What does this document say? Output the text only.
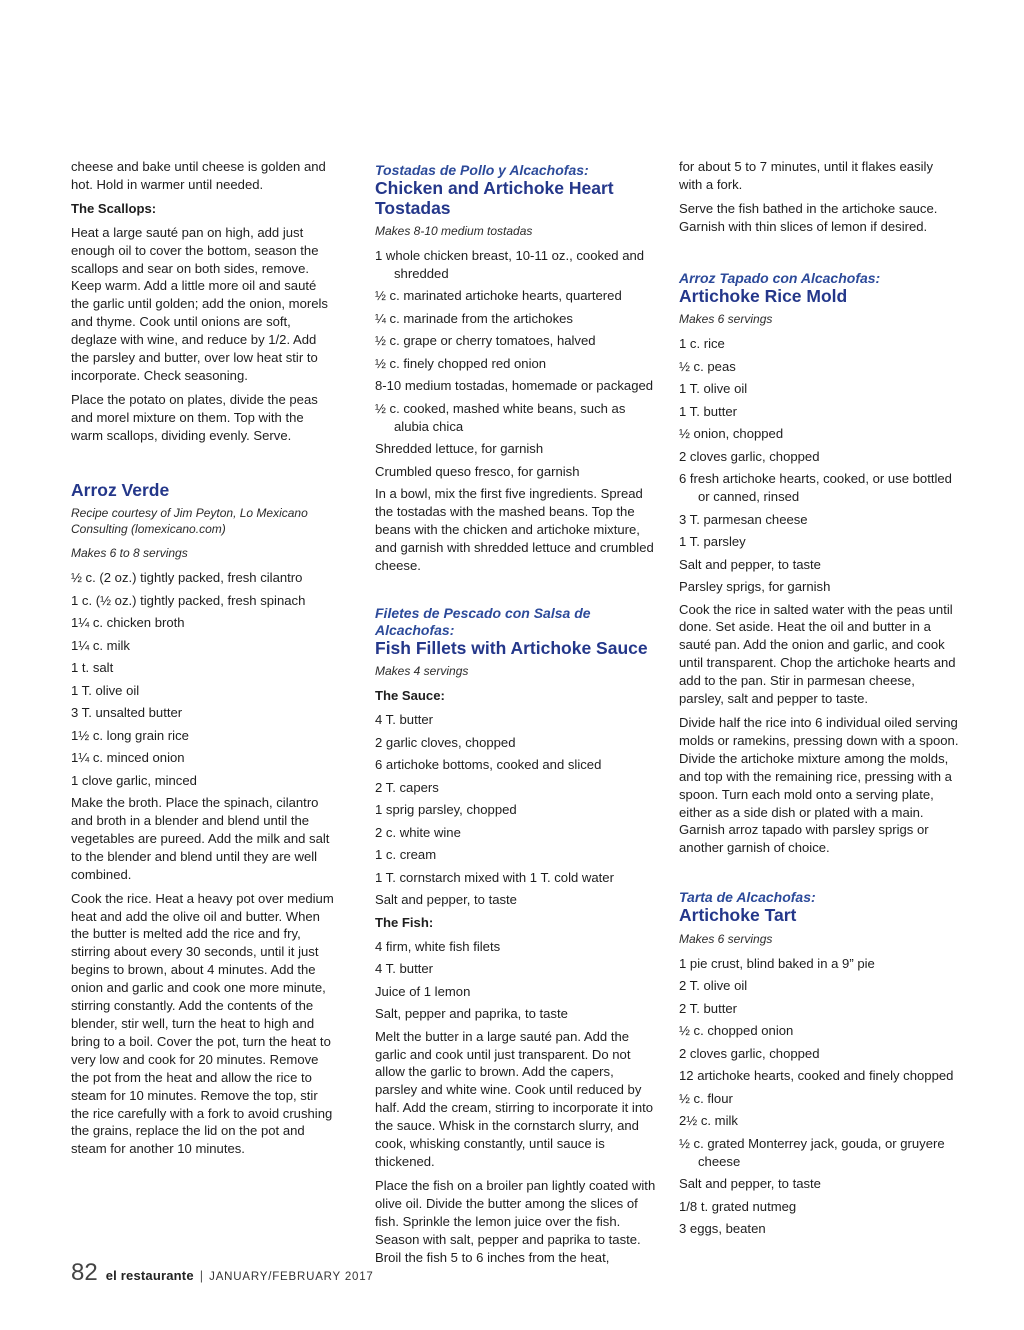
cheese and bake until cheese is golden and hot. Hold in warmer until needed.

The Scallops:

Heat a large sauté pan on high, add just enough oil to cover the bottom, season the scallops and sear on both sides, remove. Keep warm. Add a little more oil and sauté the garlic until golden; add the onion, morels and thyme. Cook until onions are soft, deglaze with wine, and reduce by 1/2. Add the parsley and butter, over low heat stir to incorporate. Check seasoning.

Place the potato on plates, divide the peas and morel mixture on them. Top with the warm scallops, dividing evenly. Serve.

Arroz Verde

Recipe courtesy of Jim Peyton, Lo Mexicano Consulting (lomexicano.com)

Makes 6 to 8 servings

½ c. (2 oz.) tightly packed, fresh cilantro

1 c. (½ oz.) tightly packed, fresh spinach

1¼ c. chicken broth

1¼ c. milk

1 t. salt

1 T. olive oil

3 T. unsalted butter

1½ c. long grain rice

1¼ c. minced onion

1 clove garlic, minced

Make the broth. Place the spinach, cilantro and broth in a blender and blend until the vegetables are pureed. Add the milk and salt to the blender and blend until they are well combined.

Cook the rice. Heat a heavy pot over medium heat and add the olive oil and butter. When the butter is melted add the rice and fry, stirring about every 30 seconds, until it just begins to brown, about 4 minutes. Add the onion and garlic and cook one more minute, stirring constantly. Add the contents of the blender, stir well, turn the heat to high and bring to a boil. Cover the pot, turn the heat to very low and cook for 20 minutes. Remove the pot from the heat and allow the rice to steam for 10 minutes. Remove the top, stir the rice carefully with a fork to avoid crushing the grains, replace the lid on the pot and steam for another 10 minutes.

Tostadas de Pollo y Alcachofas:

Chicken and Artichoke Heart Tostadas

Makes 8-10 medium tostadas

1 whole chicken breast, 10-11 oz., cooked and shredded

½ c. marinated artichoke hearts, quartered

¼ c. marinade from the artichokes

½ c. grape or cherry tomatoes, halved

½ c. finely chopped red onion

8-10 medium tostadas, homemade or packaged

½ c. cooked, mashed white beans, such as alubia chica

Shredded lettuce, for garnish

Crumbled queso fresco, for garnish

In a bowl, mix the first five ingredients. Spread the tostadas with the mashed beans. Top the beans with the chicken and artichoke mixture, and garnish with shredded lettuce and crumbled cheese.

Filetes de Pescado con Salsa de Alcachofas:

Fish Fillets with Artichoke Sauce

Makes 4 servings

The Sauce:

4 T. butter

2 garlic cloves, chopped

6 artichoke bottoms, cooked and sliced

2 T. capers

1 sprig parsley, chopped

2 c. white wine

1 c. cream

1 T. cornstarch mixed with 1 T. cold water

Salt and pepper, to taste

The Fish:

4 firm, white fish filets

4 T. butter

Juice of 1 lemon

Salt, pepper and paprika, to taste

Melt the butter in a large sauté pan. Add the garlic and cook until just transparent. Do not allow the garlic to brown. Add the capers, parsley and white wine. Cook until reduced by half. Add the cream, stirring to incorporate it into the sauce. Whisk in the cornstarch slurry, and cook, whisking constantly, until sauce is thickened.

Place the fish on a broiler pan lightly coated with olive oil. Divide the butter among the slices of fish. Sprinkle the lemon juice over the fish. Season with salt, pepper and paprika to taste. Broil the fish 5 to 6 inches from the heat,

for about 5 to 7 minutes, until it flakes easily with a fork.

Serve the fish bathed in the artichoke sauce. Garnish with thin slices of lemon if desired.

Arroz Tapado con Alcachofas:

Artichoke Rice Mold

Makes 6 servings

1 c. rice

½ c. peas

1 T. olive oil

1 T. butter

½ onion, chopped

2 cloves garlic, chopped

6 fresh artichoke hearts, cooked, or use bottled or canned, rinsed

3 T. parmesan cheese

1 T. parsley

Salt and pepper, to taste

Parsley sprigs, for garnish

Cook the rice in salted water with the peas until done. Set aside. Heat the oil and butter in a sauté pan. Add the onion and garlic, and cook until transparent. Chop the artichoke hearts and add to the pan. Stir in parmesan cheese, parsley, salt and pepper to taste.

Divide half the rice into 6 individual oiled serving molds or ramekins, pressing down with a spoon. Divide the artichoke mixture among the molds, and top with the remaining rice, pressing with a spoon. Turn each mold onto a serving plate, either as a side dish or plated with a main. Garnish arroz tapado with parsley sprigs or another garnish of choice.

Tarta de Alcachofas:

Artichoke Tart

Makes 6 servings

1 pie crust, blind baked in a 9” pie

2 T. olive oil

2 T. butter

½ c. chopped onion

2 cloves garlic, chopped

12 artichoke hearts, cooked and finely chopped

½ c. flour

2½ c. milk

½ c. grated Monterrey jack, gouda, or gruyere cheese

Salt and pepper, to taste

1/8 t. grated nutmeg

3 eggs, beaten

82 el restaurante | JANUARY/FEBRUARY 2017
